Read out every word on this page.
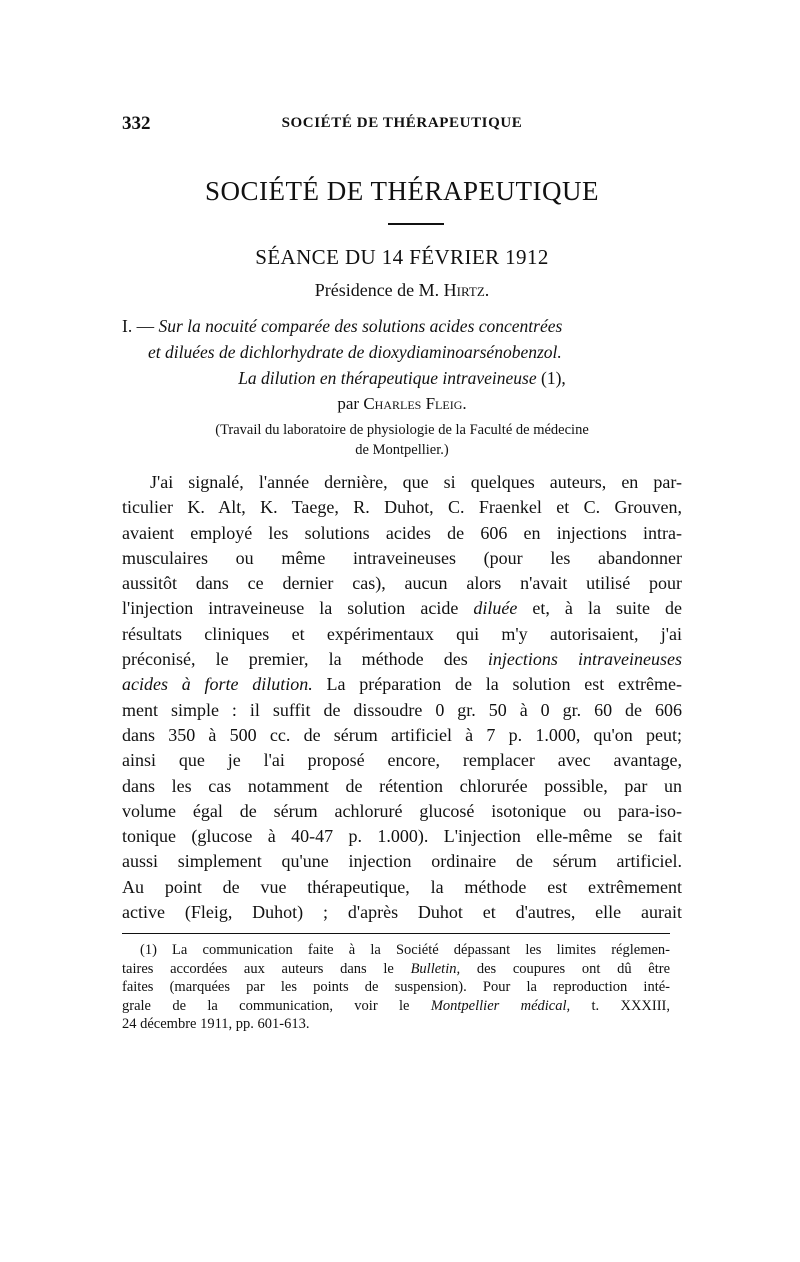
332	SOCIÉTÉ DE THÉRAPEUTIQUE
SOCIÉTÉ DE THÉRAPEUTIQUE
SÉANCE DU 14 FÉVRIER 1912
Présidence de M. Hirtz.
I. — Sur la nocuité comparée des solutions acides concentrées
et diluées de dichlorhydrate de dioxydiaminoarsénobenzol.
La dilution en thérapeutique intraveineuse (1),
par Charles Fleig.
(Travail du laboratoire de physiologie de la Faculté de médecine
de Montpellier.)
J'ai signalé, l'année dernière, que si quelques auteurs, en par-
ticulier K. Alt, K. Taege, R. Duhot, C. Fraenkel et C. Grouven,
avaient employé les solutions acides de 606 en injections intra-
musculaires ou même intraveineuses (pour les abandonner
aussitôt dans ce dernier cas), aucun alors n'avait utilisé pour
l'injection intraveineuse la solution acide diluée et, à la suite de
résultats cliniques et expérimentaux qui m'y autorisaient, j'ai
préconisé, le premier, la méthode des injections intraveineuses
acides à forte dilution. La préparation de la solution est extrême-
ment simple : il suffit de dissoudre 0 gr. 50 à 0 gr. 60 de 606
dans 350 à 500 cc. de sérum artificiel à 7 p. 1.000, qu'on peut;
ainsi que je l'ai proposé encore, remplacer avec avantage,
dans les cas notamment de rétention chlorurée possible, par un
volume égal de sérum achloruré glucosé isotonique ou para-iso-
tonique (glucose à 40-47 p. 1.000). L'injection elle-même se fait
aussi simplement qu'une injection ordinaire de sérum artificiel.
Au point de vue thérapeutique, la méthode est extrêmement
active (Fleig, Duhot) ; d'après Duhot et d'autres, elle aurait
(1) La communication faite à la Société dépassant les limites réglemen-
taires accordées aux auteurs dans le Bulletin, des coupures ont dû être
faites (marquées par les points de suspension). Pour la reproduction inté-
grale de la communication, voir le Montpellier médical, t. XXXIII,
24 décembre 1911, pp. 601-613.
